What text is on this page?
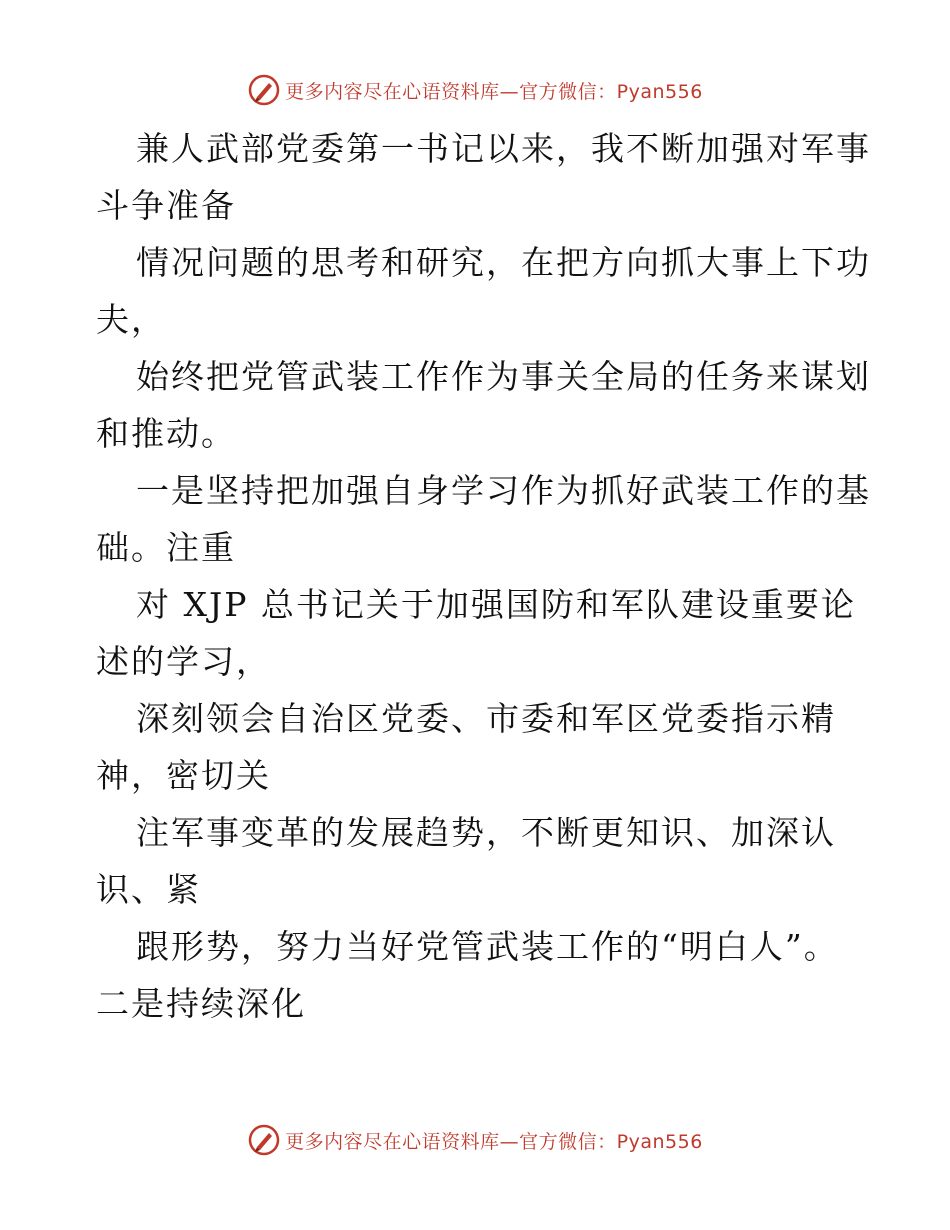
更多内容尽在心语资料库—官方微信：Pyan556
兼人武部党委第一书记以来，我不断加强对军事
斗争准备
情况问题的思考和研究，在把方向抓大事上下功
夫，
始终把党管武装工作作为事关全局的任务来谋划
和推动。
一是坚持把加强自身学习作为抓好武装工作的基
础。注重
对 XJP 总书记关于加强国防和军队建设重要论
述的学习，
深刻领会自治区党委、市委和军区党委指示精
神，密切关
注军事变革的发展趋势，不断更知识、加深认
识、紧
跟形势，努力当好党管武装工作的“明白人”。
二是持续深化
更多内容尽在心语资料库—官方微信：Pyan556
